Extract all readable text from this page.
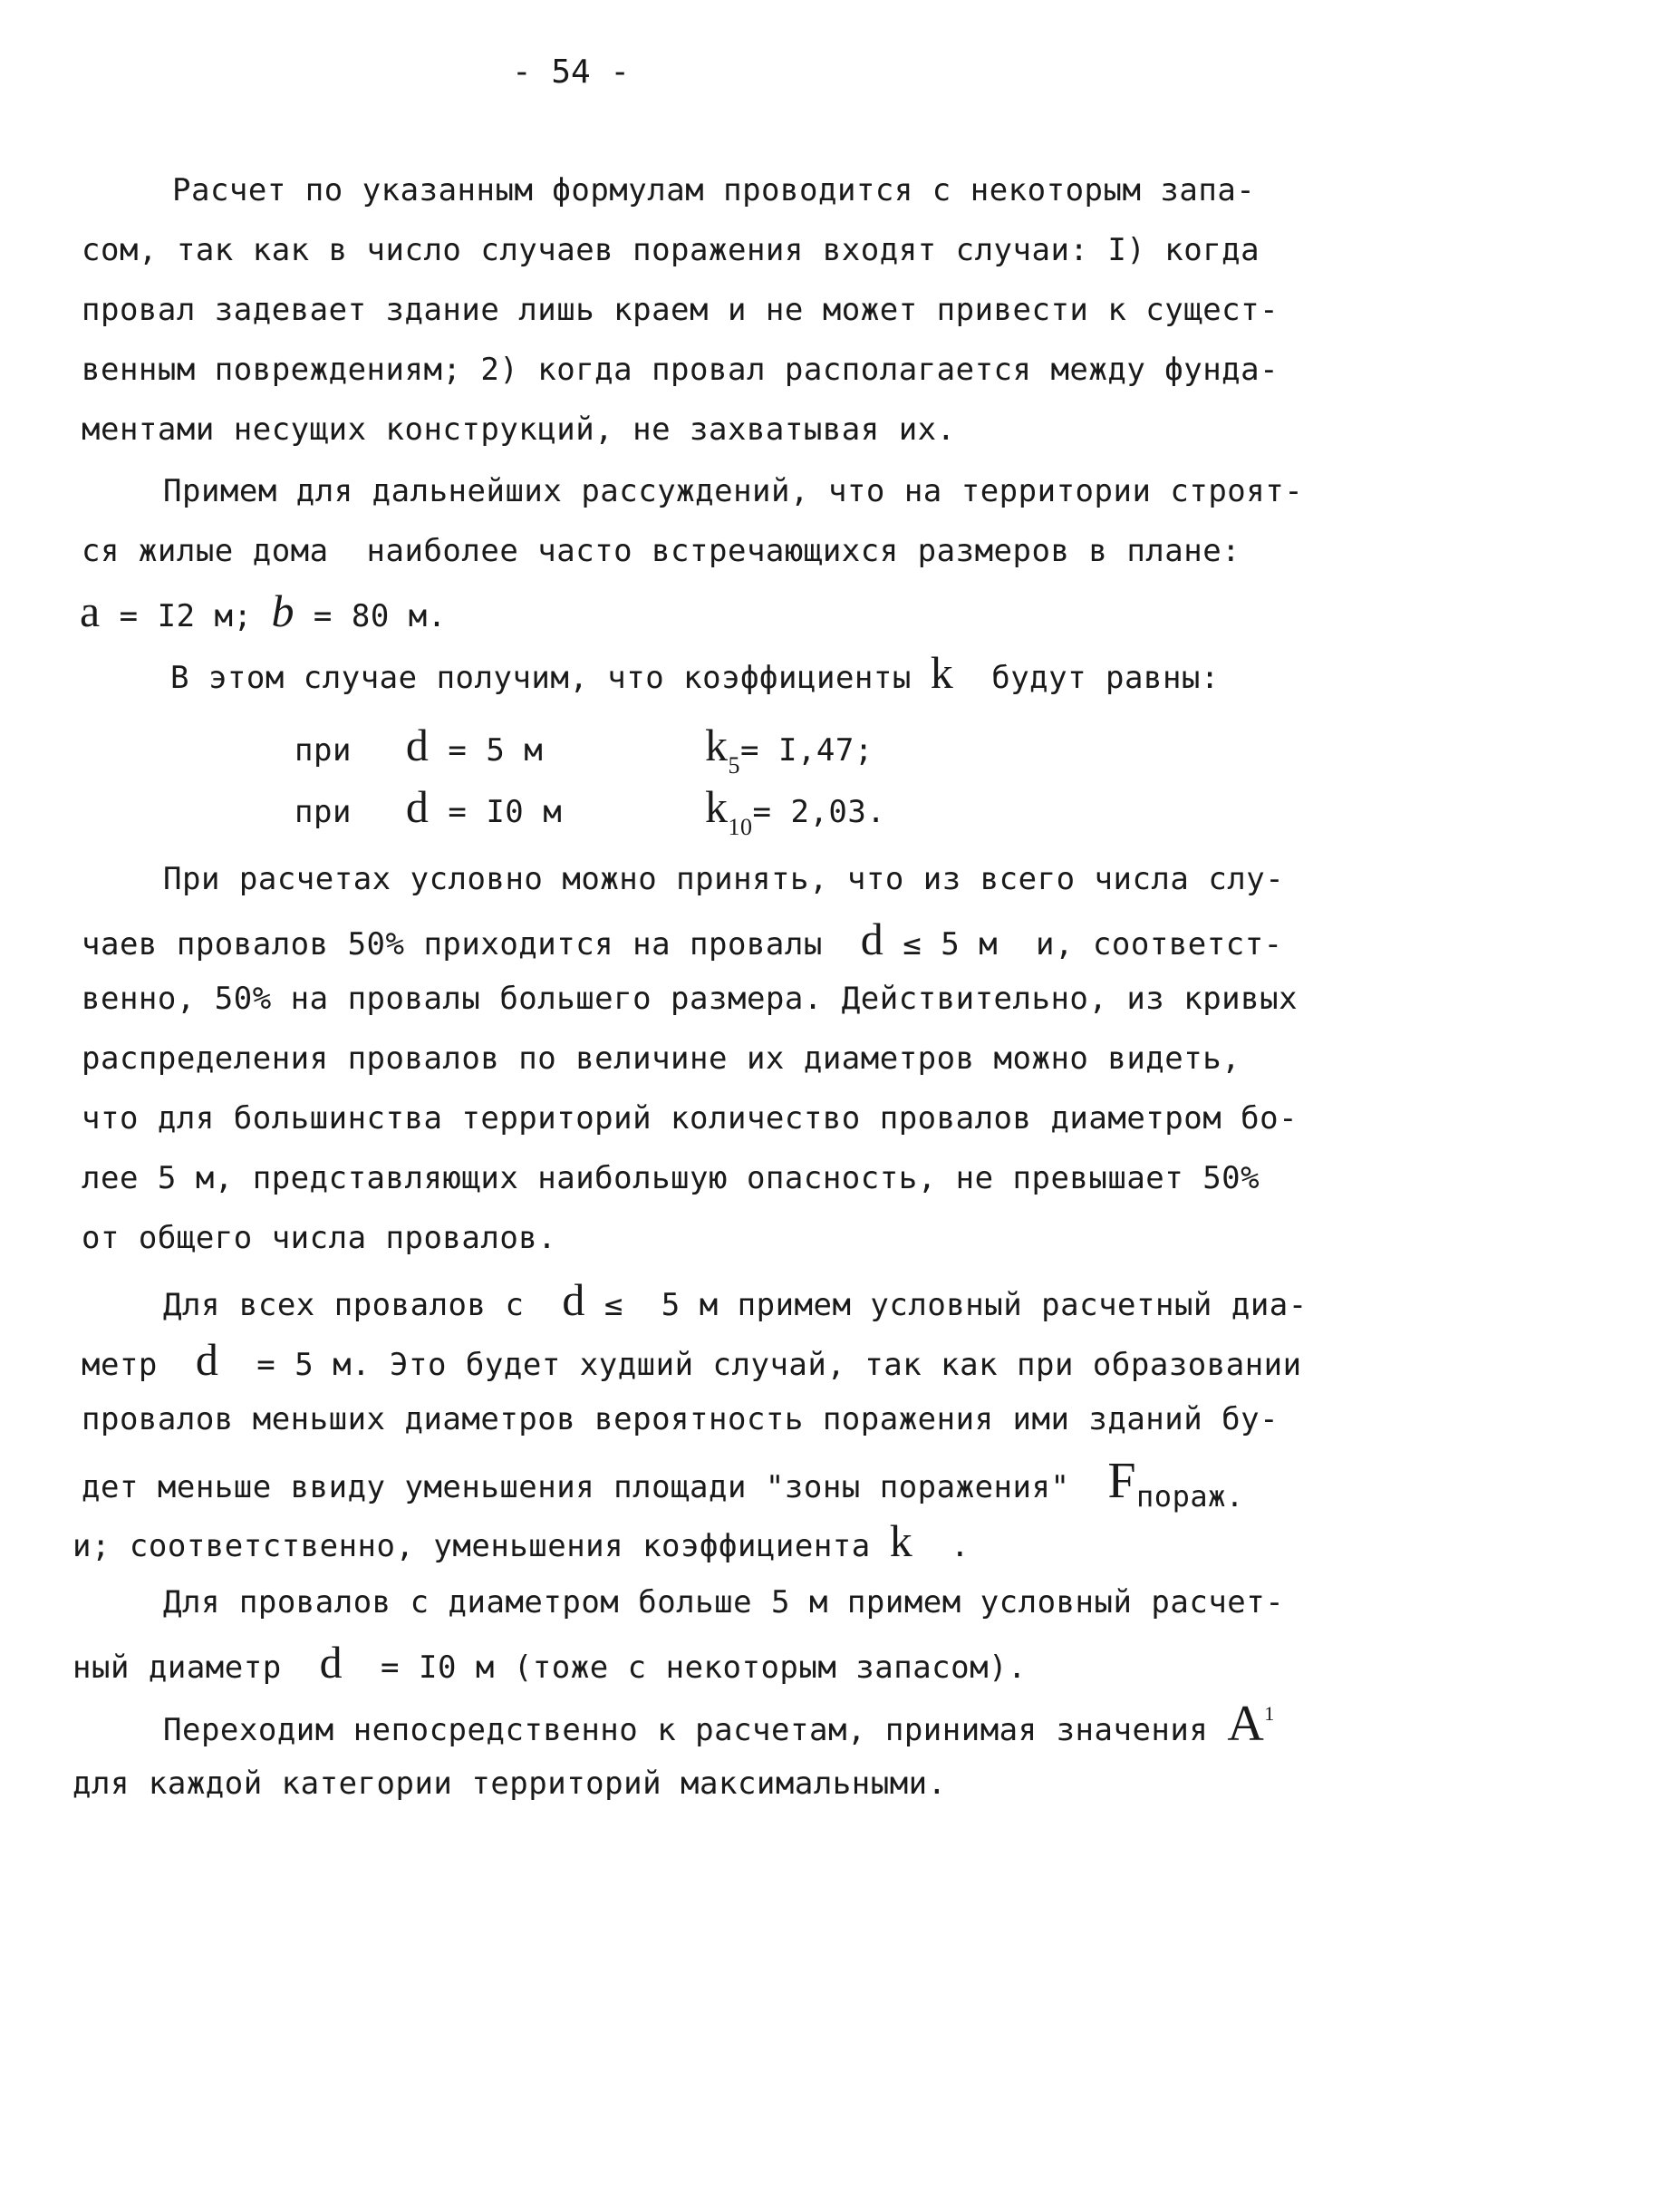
- 54 -
Расчет по указанным формулам проводится с некоторым запа-
сом, так как в число случаев поражения входят случаи: I) когда
провал задевает здание лишь краем и не может привести к сущест-
венным повреждениям; 2) когда провал располагается между фунда-
ментами несущих конструкций, не захватывая их.
Примем для дальнейших рассуждений, что на территории строят-
ся жилые дома  наиболее часто встречающихся размеров в плане:
a = I2 м; b = 80 м.
В этом случае получим, что коэффициенты k  будут равны:
при d = 5 м	$k_5= I,47$;
при d = I0 м	$k_{10}= 2,03$.
При расчетах условно можно принять, что из всего числа слу-
чаев провалов 50% приходится на провалы  d ≤ 5 м  и, соответст-
венно, 50% на провалы большего размера. Действительно, из кривых
распределения провалов по величине их диаметров можно видеть,
что для большинства территорий количество провалов диаметром бо-
лее 5 м, представляющих наибольшую опасность, не превышает 50%
от общего числа провалов.
Для всех провалов с  d ≤  5 м примем условный расчетный диа-
метр  d  = 5 м. Это будет худший случай, так как при образовании
провалов меньших диаметров вероятность поражения ими зданий бу-
дет меньше ввиду уменьшения площади "зоны поражения"  Fпораж.
и; соответственно, уменьшения коэффициента k  .
Для провалов с диаметром больше 5 м примем условный расчет-
ный диаметр  d  = I0 м (тоже с некоторым запасом).
Переходим непосредственно к расчетам, принимая значения $A^1$
для каждой категории территорий максимальными.
